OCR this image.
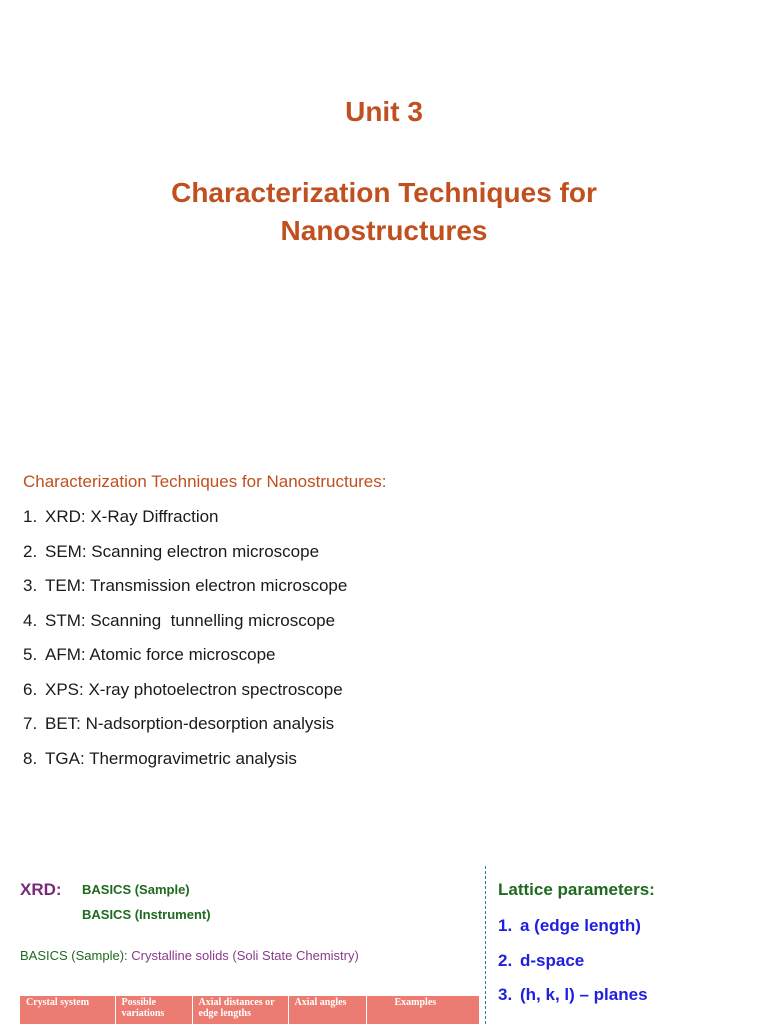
Unit 3
Characterization Techniques for
Nanostructures

Characterization Techniques for Nanostructures:

1. XRD: X-Ray Diffraction
2. SEM: Scanning electron microscope
3. TEM: Transmission electron microscope
4. STM: Scanning  tunnelling microscope
5. AFM: Atomic force microscope
6. XPS: X-ray photoelectron spectroscope
7. BET: N-adsorption-desorption analysis
8. TGA: Thermogravimetric analysis
XRD: BASICS (Sample)
BASICS (Instrument)
BASICS (Sample): Crystalline solids (Soli State Chemistry)
Crystal system	Possible variations	Axial distances or edge lengths	Axial angles	Examples
Lattice parameters:
1. a (edge length)
2. d-space
3. (h, k, l) – planes
